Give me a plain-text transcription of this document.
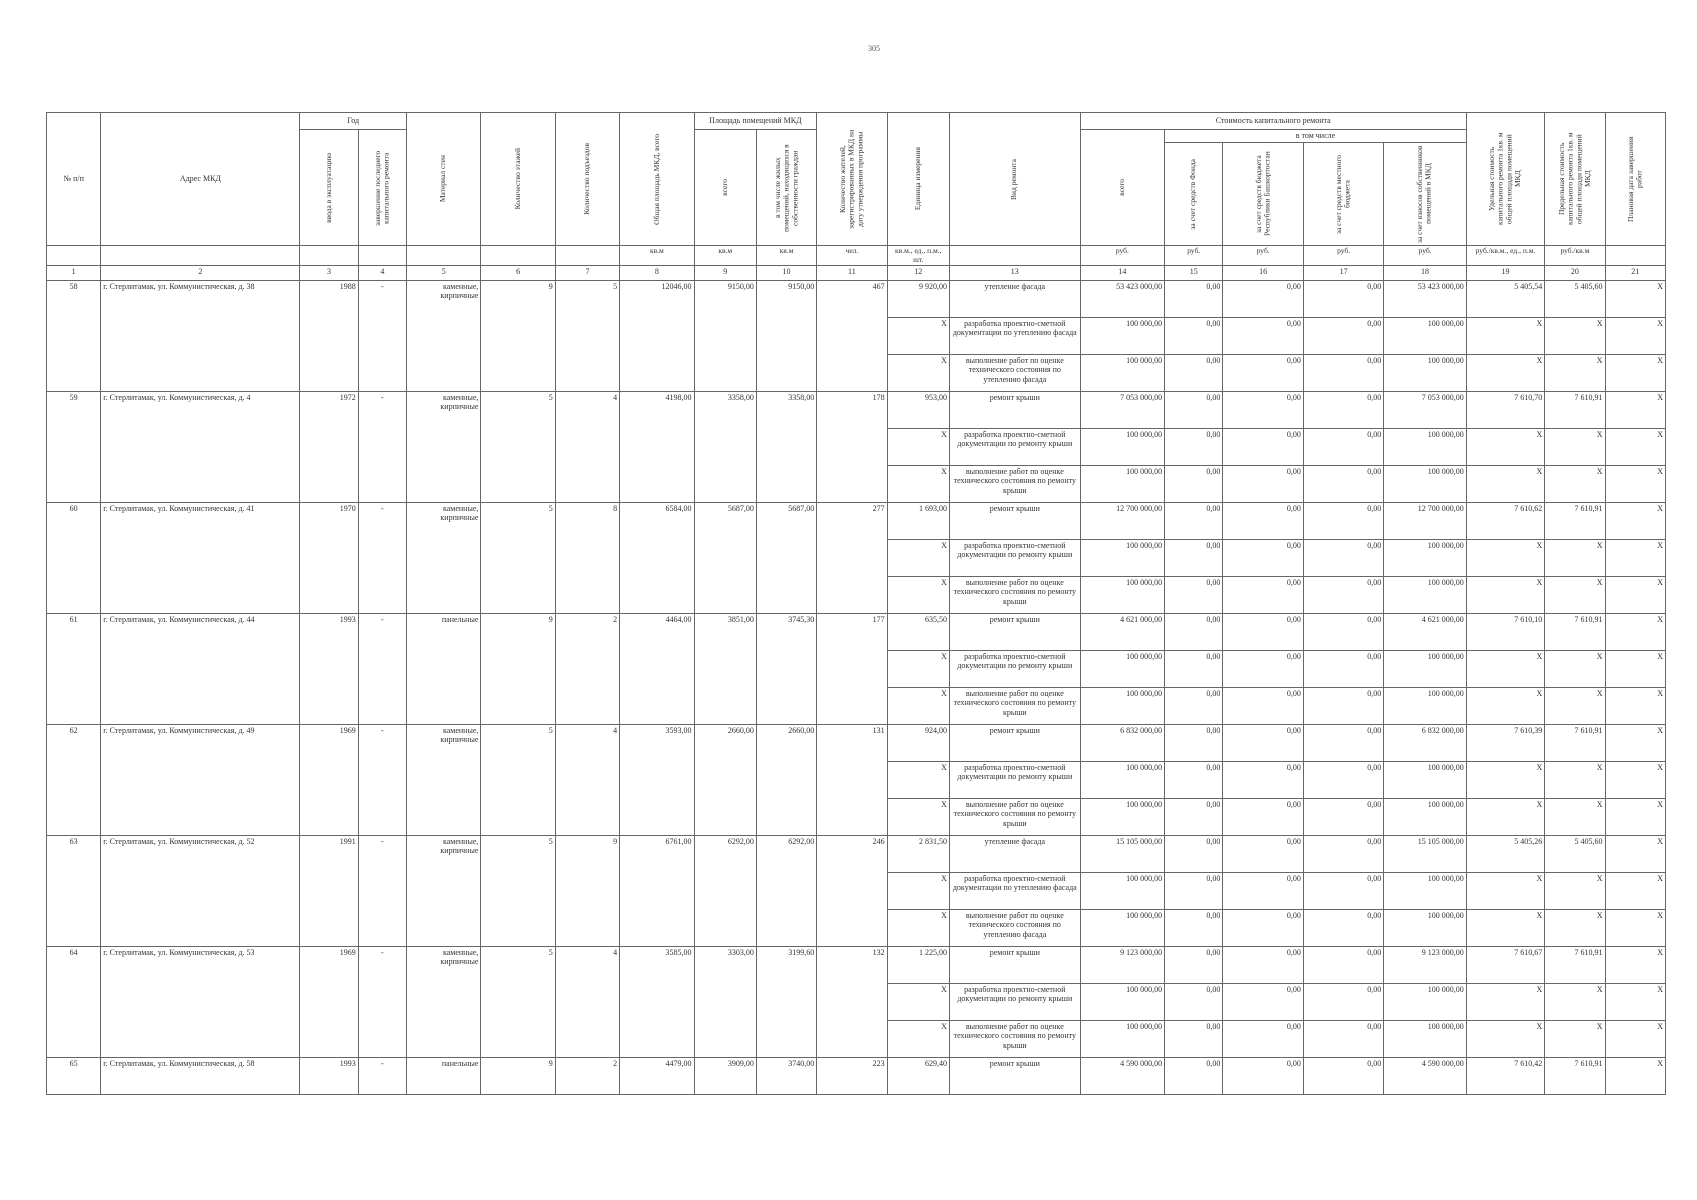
305
№ п/п	Адрес МКД	Год		Материал стен	Количество этажей	Количество подъездов	Общая площадь МКД, всего	Площадь помещений МКД		Количество жителей, зарегистрированных в МКД на дату утверждения программы	Единица измерения	Вид ремонта	Стоимость капитального ремонта					Удельная стоимость капитального ремонта 1кв. м общей площади помещений МКД	Предельная стоимость капитального ремонта 1кв. м общей площади помещений МКД	Плановая дата завершения работ

		ввода в эксплуатацию	завершение последнего капитального ремонта					всего	в том числе жилых помещений, находящихся в собственности граждан				всего	в том числе						

														за счет средств Фонда	за счет средств бюджета Республики Башкортостан	за счет средств местного бюджета	за счет взносов собственников помещений в МКД			

							кв.м	кв.м	кв.м	чел.	кв.м., ед., п.м., шт.		руб.	руб.	руб.	руб.	руб.	руб./кв.м., ед., п.м.	руб./кв.м	
1	2	3	4	5	6	7	8	9	10	11	12	13	14	15	16	17	18	19	20	21
58	г. Стерлитамак, ул. Коммунистическая, д. 38	1988	-	каменные, кирпичные	9	5	12046,00	9150,00	9150,00	467	9 920,00	утепление фасада	53 423 000,00	0,00	0,00	0,00	53 423 000,00	5 405,54	5 405,60	X
											X	разработка проектно-сметной документации по утеплению фасада	100 000,00	0,00	0,00	0,00	100 000,00	X	X	X
											X	выполнение работ по оценке технического состояния по утеплению фасада	100 000,00	0,00	0,00	0,00	100 000,00	X	X	X
59	г. Стерлитамак, ул. Коммунистическая, д. 4	1972	-	каменные, кирпичные	5	4	4198,00	3358,00	3358,00	178	953,00	ремонт крыши	7 053 000,00	0,00	0,00	0,00	7 053 000,00	7 610,70	7 610,91	X
											X	разработка проектно-сметной документации по ремонту крыши	100 000,00	0,00	0,00	0,00	100 000,00	X	X	X
											X	выполнение работ по оценке технического состояния по ремонту крыши	100 000,00	0,00	0,00	0,00	100 000,00	X	X	X
60	г. Стерлитамак, ул. Коммунистическая, д. 41	1970	-	каменные, кирпичные	5	8	6584,00	5687,00	5687,00	277	1 693,00	ремонт крыши	12 700 000,00	0,00	0,00	0,00	12 700 000,00	7 610,62	7 610,91	X
											X	разработка проектно-сметной документации по ремонту крыши	100 000,00	0,00	0,00	0,00	100 000,00	X	X	X
											X	выполнение работ по оценке технического состояния по ремонту крыши	100 000,00	0,00	0,00	0,00	100 000,00	X	X	X
61	г. Стерлитамак, ул. Коммунистическая, д. 44	1993	-	панельные	9	2	4464,00	3851,00	3745,30	177	635,50	ремонт крыши	4 621 000,00	0,00	0,00	0,00	4 621 000,00	7 610,10	7 610,91	X
											X	разработка проектно-сметной документации по ремонту крыши	100 000,00	0,00	0,00	0,00	100 000,00	X	X	X
											X	выполнение работ по оценке технического состояния по ремонту крыши	100 000,00	0,00	0,00	0,00	100 000,00	X	X	X
62	г. Стерлитамак, ул. Коммунистическая, д. 49	1969	-	каменные, кирпичные	5	4	3593,00	2660,00	2660,00	131	924,00	ремонт крыши	6 832 000,00	0,00	0,00	0,00	6 832 000,00	7 610,39	7 610,91	X
											X	разработка проектно-сметной документации по ремонту крыши	100 000,00	0,00	0,00	0,00	100 000,00	X	X	X
											X	выполнение работ по оценке технического состояния по ремонту крыши	100 000,00	0,00	0,00	0,00	100 000,00	X	X	X
63	г. Стерлитамак, ул. Коммунистическая, д. 52	1991	-	каменные, кирпичные	5	9	6761,00	6292,00	6292,00	246	2 831,50	утепление фасада	15 105 000,00	0,00	0,00	0,00	15 105 000,00	5 405,26	5 405,60	X
											X	разработка проектно-сметной документации по утеплению фасада	100 000,00	0,00	0,00	0,00	100 000,00	X	X	X
											X	выполнение работ по оценке технического состояния по утеплению фасада	100 000,00	0,00	0,00	0,00	100 000,00	X	X	X
64	г. Стерлитамак, ул. Коммунистическая, д. 53	1969	-	каменные, кирпичные	5	4	3585,00	3303,00	3199,60	132	1 225,00	ремонт крыши	9 123 000,00	0,00	0,00	0,00	9 123 000,00	7 610,67	7 610,91	X
											X	разработка проектно-сметной документации по ремонту крыши	100 000,00	0,00	0,00	0,00	100 000,00	X	X	X
											X	выполнение работ по оценке технического состояния по ремонту крыши	100 000,00	0,00	0,00	0,00	100 000,00	X	X	X
65	г. Стерлитамак, ул. Коммунистическая, д. 58	1993	-	панельные	9	2	4479,00	3909,00	3740,00	223	629,40	ремонт крыши	4 590 000,00	0,00	0,00	0,00	4 590 000,00	7 610,42	7 610,91	X
